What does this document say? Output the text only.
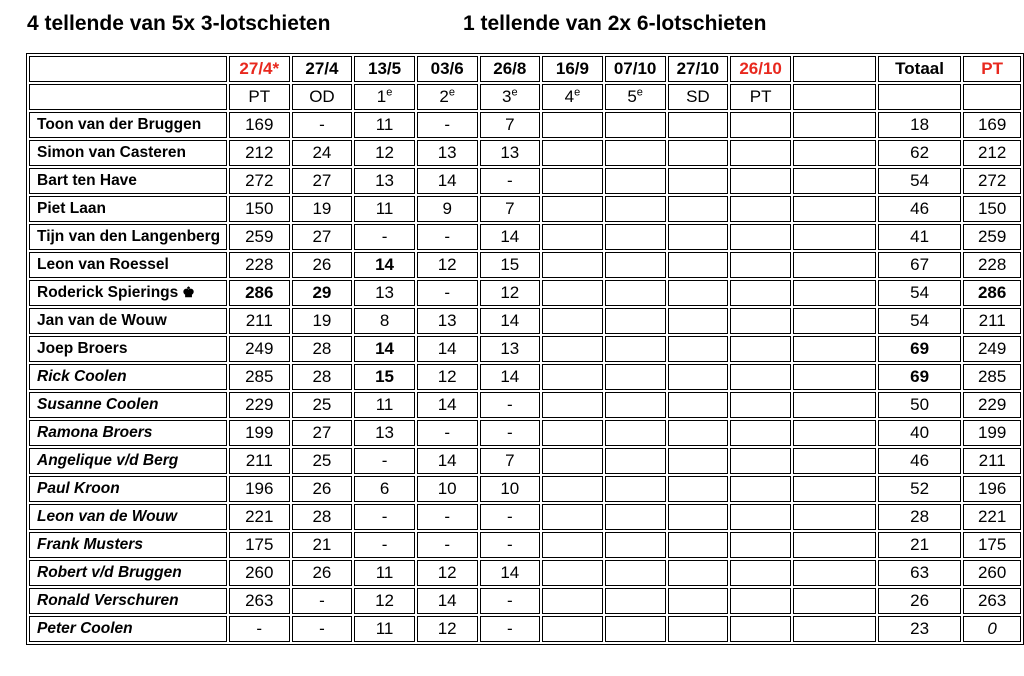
4 tellende van 5x 3-lotschieten	1 tellende van 2x 6-lotschieten
	27/4*	27/4	13/5	03/6	26/8	16/9	07/10	27/10	26/10		Totaal	PT
	PT	OD	1e	2e	3e	4e	5e	SD	PT			
Toon van der Bruggen	169	-	11	-	7						18	169
Simon van Casteren	212	24	12	13	13						62	212
Bart ten Have	272	27	13	14	-						54	272
Piet Laan	150	19	11	9	7						46	150
Tijn van den Langenberg	259	27	-	-	14						41	259
Leon van Roessel	228	26	14	12	15						67	228
Roderick Spierings ♚	286	29	13	-	12						54	286
Jan van de Wouw	211	19	8	13	14						54	211
Joep Broers	249	28	14	14	13						69	249
Rick Coolen	285	28	15	12	14						69	285
Susanne Coolen	229	25	11	14	-						50	229
Ramona Broers	199	27	13	-	-						40	199
Angelique v/d Berg	211	25	-	14	7						46	211
Paul Kroon	196	26	6	10	10						52	196
Leon van de Wouw	221	28	-	-	-						28	221
Frank Musters	175	21	-	-	-						21	175
Robert v/d Bruggen	260	26	11	12	14						63	260
Ronald Verschuren	263	-	12	14	-						26	263
Peter Coolen	-	-	11	12	-						23	0
